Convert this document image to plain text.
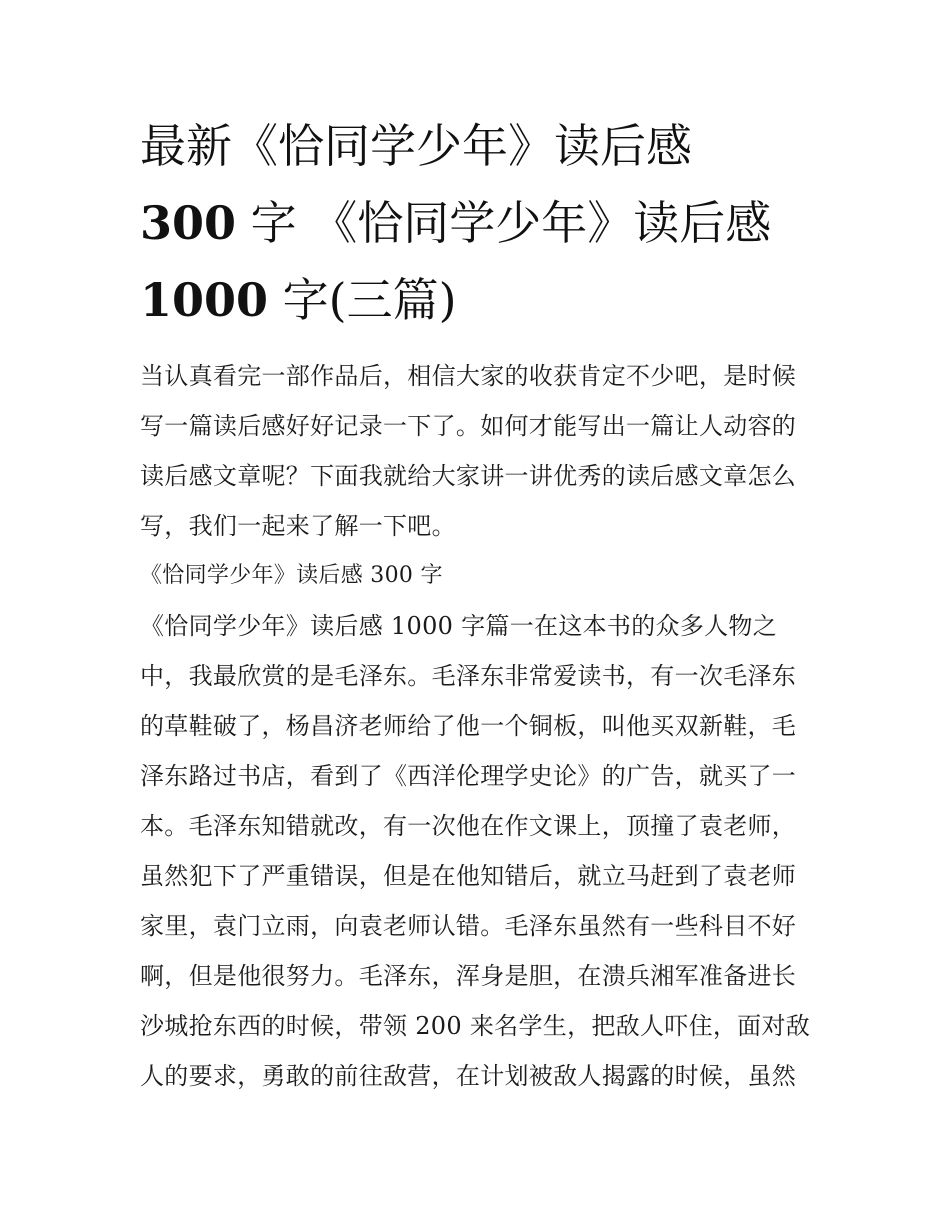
最新《恰同学少年》读后感
300 字 《恰同学少年》读后感
1000 字(三篇)

当认真看完一部作品后，相信大家的收获肯定不少吧，是时候
写一篇读后感好好记录一下了。如何才能写出一篇让人动容的
读后感文章呢？下面我就给大家讲一讲优秀的读后感文章怎么
写，我们一起来了解一下吧。

《恰同学少年》读后感 300 字

《恰同学少年》读后感 1000 字篇一在这本书的众多人物之
中，我最欣赏的是毛泽东。毛泽东非常爱读书，有一次毛泽东
的草鞋破了，杨昌济老师给了他一个铜板，叫他买双新鞋，毛
泽东路过书店，看到了《西洋伦理学史论》的广告，就买了一
本。毛泽东知错就改，有一次他在作文课上，顶撞了袁老师，
虽然犯下了严重错误，但是在他知错后，就立马赶到了袁老师
家里，袁门立雨，向袁老师认错。毛泽东虽然有一些科目不好
啊，但是他很努力。毛泽东，浑身是胆，在溃兵湘军准备进长
沙城抢东西的时候，带领 200 来名学生，把敌人吓住，面对敌
人的要求，勇敢的前往敌营，在计划被敌人揭露的时候，虽然
